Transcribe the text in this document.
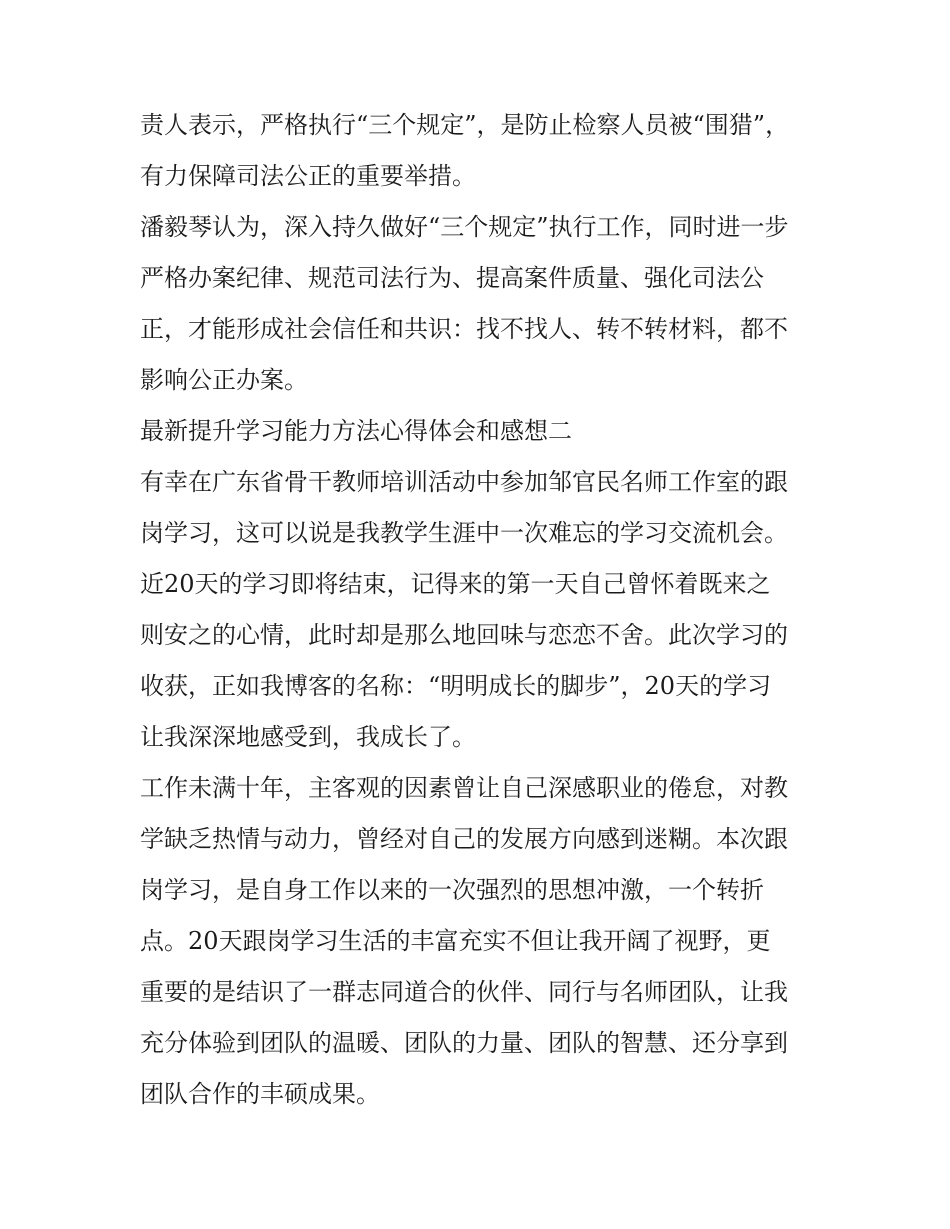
责人表示，严格执行“三个规定”，是防止检察人员被“围猎”，
有力保障司法公正的重要举措。
潘毅琴认为，深入持久做好“三个规定”执行工作，同时进一步
严格办案纪律、规范司法行为、提高案件质量、强化司法公
正，才能形成社会信任和共识：找不找人、转不转材料，都不
影响公正办案。
最新提升学习能力方法心得体会和感想二
有幸在广东省骨干教师培训活动中参加邹官民名师工作室的跟
岗学习，这可以说是我教学生涯中一次难忘的学习交流机会。
近20天的学习即将结束，记得来的第一天自己曾怀着既来之
则安之的心情，此时却是那么地回味与恋恋不舍。此次学习的
收获，正如我博客的名称：“明明成长的脚步”，20天的学习
让我深深地感受到，我成长了。
工作未满十年，主客观的因素曾让自己深感职业的倦怠，对教
学缺乏热情与动力，曾经对自己的发展方向感到迷糊。本次跟
岗学习，是自身工作以来的一次强烈的思想冲激，一个转折
点。20天跟岗学习生活的丰富充实不但让我开阔了视野，更
重要的是结识了一群志同道合的伙伴、同行与名师团队，让我
充分体验到团队的温暖、团队的力量、团队的智慧、还分享到
团队合作的丰硕成果。
